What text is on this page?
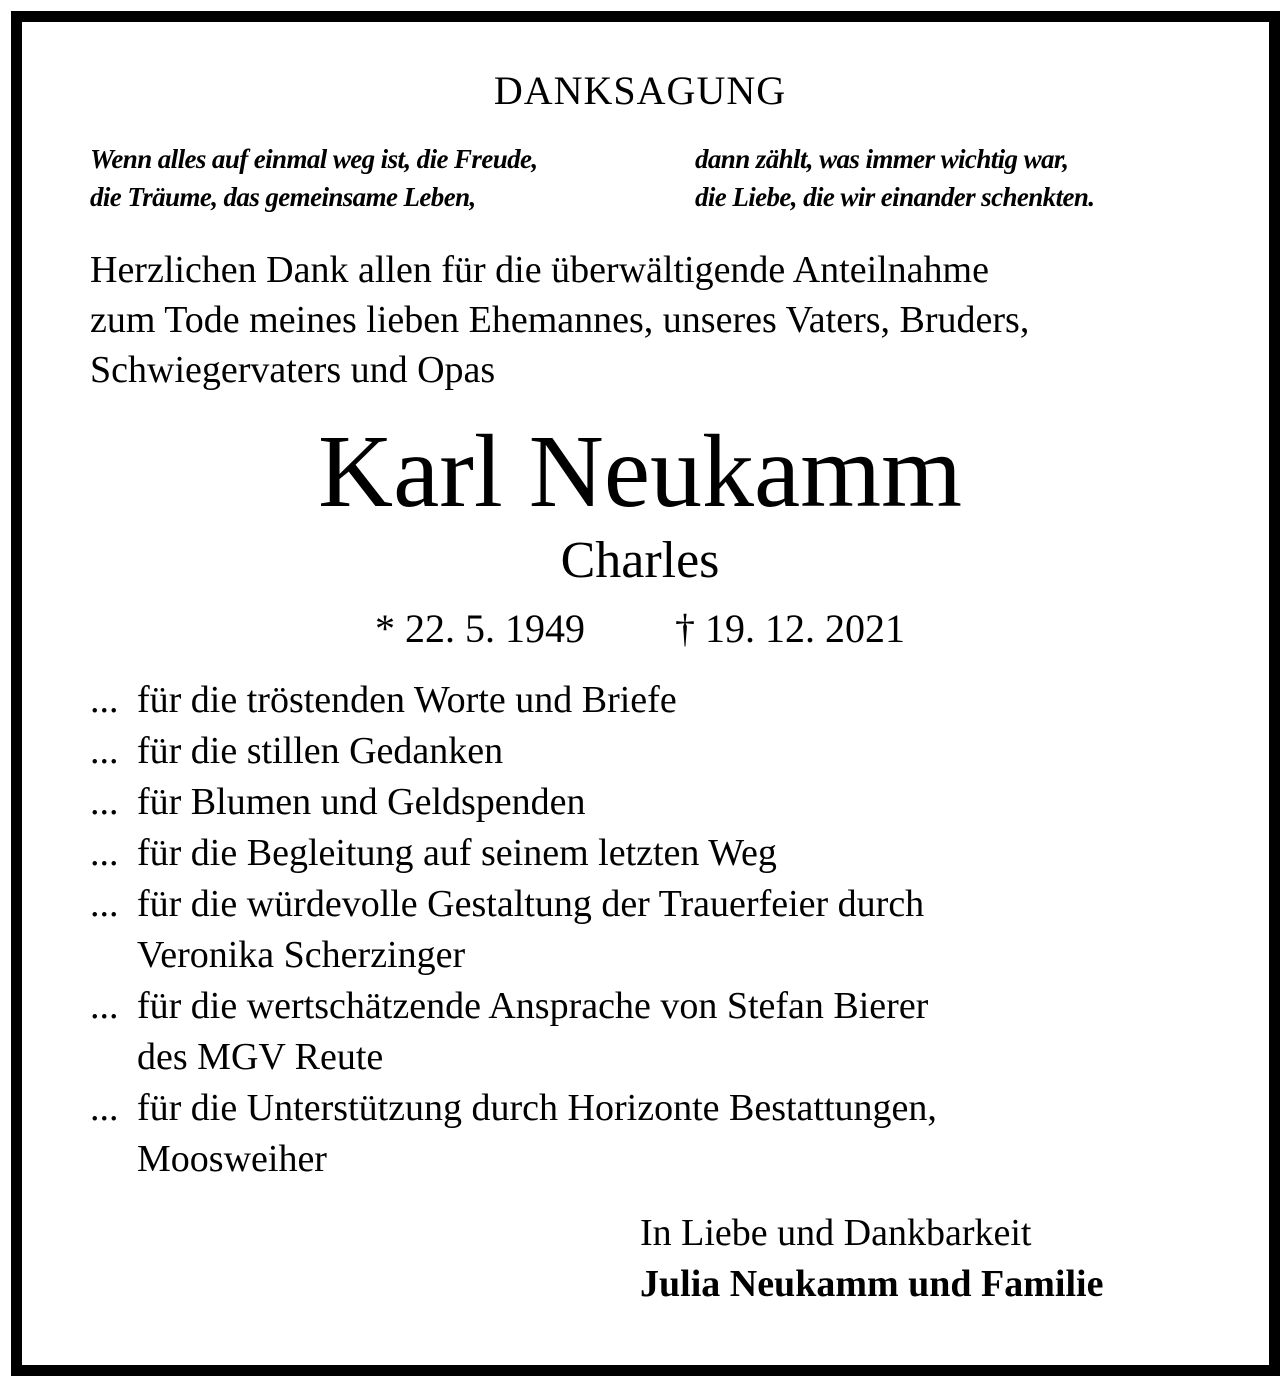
DANKSAGUNG
Wenn alles auf einmal weg ist, die Freude,
die Träume, das gemeinsame Leben,
dann zählt, was immer wichtig war,
die Liebe, die wir einander schenkten.
Herzlichen Dank allen für die überwältigende Anteilnahme
zum Tode meines lieben Ehemannes, unseres Vaters, Bruders,
Schwiegervaters und Opas
Karl Neukamm
Charles
* 22. 5. 1949 † 19. 12. 2021
... für die tröstenden Worte und Briefe
... für die stillen Gedanken
... für Blumen und Geldspenden
... für die Begleitung auf seinem letzten Weg
... für die würdevolle Gestaltung der Trauerfeier durch
Veronika Scherzinger
... für die wertschätzende Ansprache von Stefan Bierer
des MGV Reute
... für die Unterstützung durch Horizonte Bestattungen,
Moosweiher
In Liebe und Dankbarkeit
Julia Neukamm und Familie
